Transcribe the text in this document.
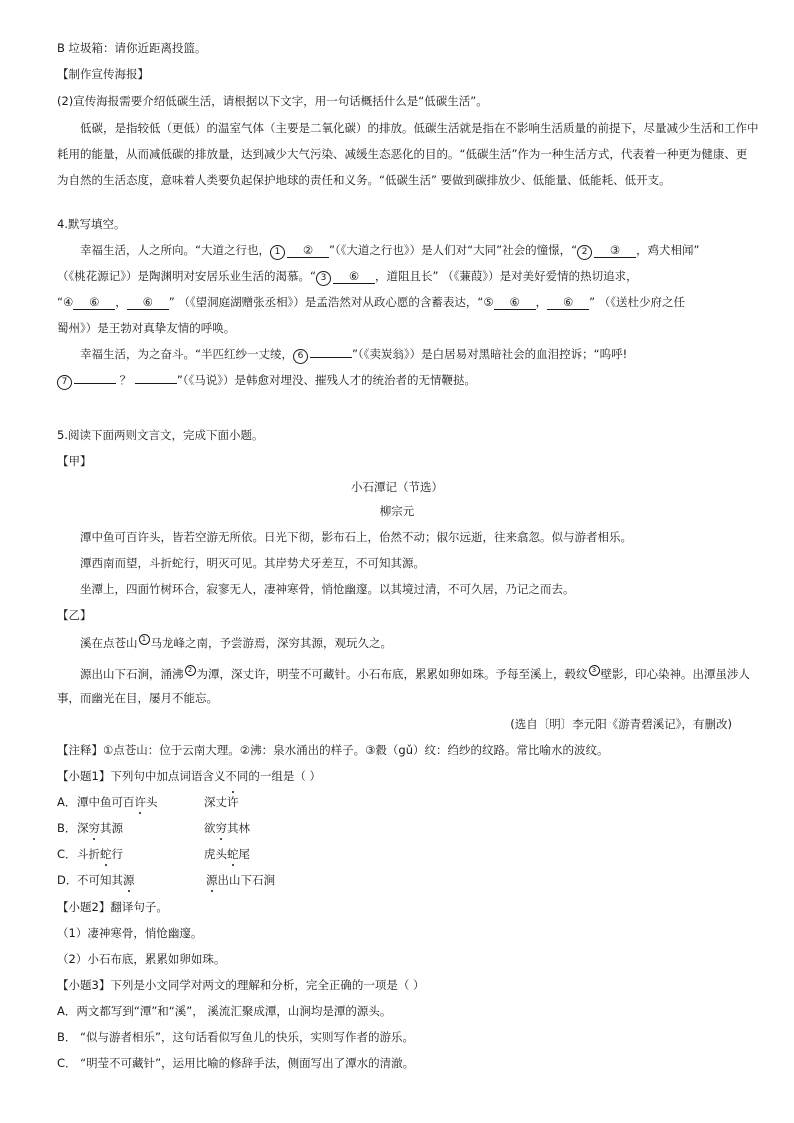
B 垃圾箱：请你近距离投篮。
【制作宣传海报】
(2)宣传海报需要介绍低碳生活，请根据以下文字，用一句话概括什么是“低碳生活”。
低碳，是指较低（更低）的温室气体（主要是二氧化碳）的排放。低碳生活就是指在不影响生活质量的前提下，尽量减少生活和工作中
耗用的能量，从而减低碳的排放量，达到减少大气污染、减缓生态恶化的目的。“低碳生活”作为一种生活方式，代表着一种更为健康、更
为自然的生活态度，意味着人类要负起保护地球的责任和义务。“低碳生活” 要做到碳排放少、低能量、低能耗、低开支。
4.默写填空。
幸福生活，人之所向。“大道之行也， 1 ② ”（《大道之行也》）是人们对“大同”社会的憧憬，“ 2 ③ ，鸡犬相闻”
（《桃花源记》）是陶渊明对安居乐业生活的渴慕。“ 3 ⑥ ，道阻且长” （《蒹葭》）是对美好爱情的热切追求，
“④ ⑥ ， ⑥ ” （《望洞庭湖赠张丞相》）是孟浩然对从政心愿的含蓄表达，“⑤ ⑥ ， ⑥ ” （《送杜少府之任
蜀州》）是王勃对真挚友情的呼唤。
幸福生活，为之奋斗。“半匹红纱一丈绫， 6	”（《卖炭翁》）是白居易对黑暗社会的血泪控诉；“呜呼!
7	？	”（《马说》）是韩愈对埋没、摧残人才的统治者的无情鞭挞。
5.阅读下面两则文言文，完成下面小题。
【甲】
小石潭记（节选）
柳宗元
潭中鱼可百许头，皆若空游无所依。日光下彻，影布石上，佁然不动；俶尔远逝，往来翕忽。似与游者相乐。
潭西南而望，斗折蛇行，明灭可见。其岸势犬牙差互，不可知其源。
坐潭上，四面竹树环合，寂寥无人，凄神寒骨，悄怆幽邃。以其境过清，不可久居，乃记之而去。
【乙】
溪在点苍山 $^1$ 马龙峰之南，予尝游焉，深穷其源，观玩久之。
源出山下石涧，涌沸 $^2$ 为潭，深丈许，明莹不可藏针。小石布底，累累如卵如珠。予每至溪上，毂纹 $^3$ 壁影，印心染神。出潭虽涉人
事，而幽光在目，屡月不能忘。
(选自〔明〕李元阳《游青碧溪记》，有删改)
【注释】①点苍山：位于云南大理。②沸：泉水涌出的样子。③縠（gǔ）纹：绉纱的纹路。常比喻水的波纹。
【小题1】下列句中加点词语含义不同的一组是（ ）
A． 潭中鱼可百许头	深丈许
B． 深穷其源	欲穷其林
C． 斗折蛇行	虎头蛇尾
D． 不可知其源	源出山下石涧
【小题2】翻译句子。
（1）凄神寒骨，悄怆幽邃。
（2）小石布底，累累如卵如珠。
【小题3】下列是小文同学对两文的理解和分析，完全正确的一项是（ ）
A．两文都写到“潭”和“溪”， 溪流汇聚成潭，山涧均是潭的源头。
B． “似与游者相乐”，这句话看似写鱼儿的快乐，实则写作者的游乐。
C． “明莹不可藏针”，运用比喻的修辞手法，侧面写出了潭水的清澈。
